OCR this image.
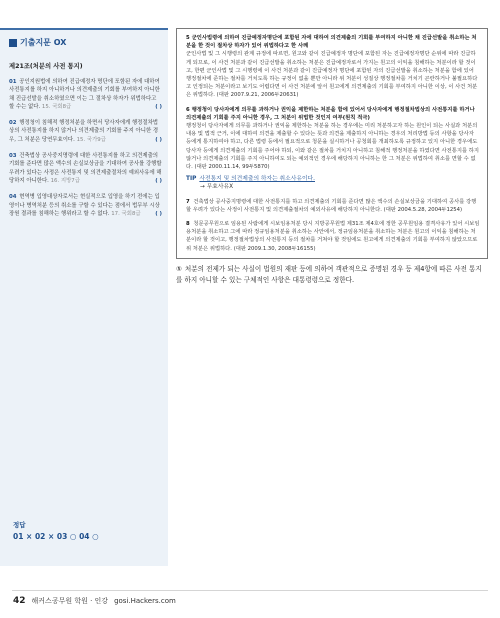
기출지문 OX
제21조(처분의 사전 통지)
01 공인지원법에 의하여 진급예정자 명단에 포함된 자에 대하여 사전통지를 하지 아니하거나 의견제출의 기회를 부여하지 아니한 채 진급선발을 취소하였으면 이는 그 절차상 하자가 위법하다고 할 수는 없다. 15. 국회8급	( )
02 행정청이 침해적 행정처분을 하면서 당사자에게 행정절차법상의 사전통지를 하지 않거나 의견제출의 기회를 주지 아니한 경우, 그 처분은 당연무효이다. 15. 국가9급	( )
03 건축법상 공사중지명령에 대한 사전통지를 하고 의견제출의 기회를 준다면 많은 액수의 손실보상금을 기대하여 공사를 강행할 우려가 있다는 사정은 사전통지 및 의견제출절차의 예외사유에 해당하지 아니한다. 16. 지방7급	( )
04 현역병 입영대상자로서는 현실적으로 입영을 하기 전에는 입영이나 병역처분 등의 취소를 구할 수 있다는 점에서 법무부 시상장원 결과를 침해하는 행위라고 할 수 없다. 17. 국회8급	( )
정답
01 × 02 × 03 ○ 04 ○
5 군인사법령에 의하여 진급예정자명단에 포함된 자에 대하여 의견제출의 기회를 부여하지 아니한 채 진급선발을 취소하는 처분을 한 것이 절차상 하자가 있어 위법하다고 한 사례
군인사법 및 그 시행령의 관계 규정에 따르면, 원고와 같이 진급예정자 명단에 포함된 자는 진급예정자명단 순위에 따라 진급하게 되므로, 이 사건 처분과 같이 진급선발을 취소하는 처분은 진급예정자로서 가지는 원고의 이익을 침해하는 처분이라 할 것이고, 한편 군인사법 및 그 시행령에 이 사건 처분과 같이 진급예정자 명단에 포함된 자의 진급선발을 취소하는 처분을 함에 있어 행정절차에 준하는 절차를 거치도록 하는 규정이 없을 뿐만 아니라 위 처분이 성질상 행정절차를 거치기 곤란하거나 불필요하다고 인정되는 처분이라고 보기도 어렵다면 이 사건 처분에 앞서 원고에게 의견제출의 기회를 부여하지 아니한 이상, 이 사건 처분은 위법하다. (대판 2007.9.21, 2006두20631)
6 행정청이 당사자에게 의무를 과하거나 권익을 제한하는 처분을 함에 있어서 당사자에게 행정절차법상의 사전통지를 하거나 의견제출의 기회를 주지 아니한 경우, 그 처분이 위법한 것인지 여부(원칙 적극)
행정청이 당사자에게 의무를 과하거나 권익을 제한하는 처분을 하는 경우에는 미리 처분하고자 하는 원인이 되는 사실과 처분의 내용 및 법적 근거, 이에 대하여 의견을 제출할 수 있다는 뜻과 의견을 제출하지 아니하는 경우의 처리방법 등의 사항을 당사자 등에게 통지하여야 하고, 다른 법령 등에서 필요적으로 청문을 실시하거나 공청회를 개최하도록 규정하고 있지 아니한 경우에도 당사자 등에게 의견제출의 기회를 주어야 하되, 이와 같은 절차를 거치지 아니하고 침해적 행정처분을 하였다면 사전통지를 하지 않거나 의견제출의 기회를 주지 아니하여도 되는 예외적인 경우에 해당하지 아니하는 한 그 처분은 위법하여 취소를 면할 수 없다. (대판 2000.11.14, 99두5870)
TIP 사전통지 및 의견제출의 하자는 취소사유이다.
→ 무효사유X
7 건축법상 공사중지명령에 대한 사전통지를 하고 의견제출의 기회를 준다면 많은 액수의 손실보상금을 기대하여 공사를 강행할 우려가 있다는 사정이 사전통지 및 의견제출절차의 예외사유에 해당하지 아니한다. (대판 2004.5.28, 2004두1254)
8 청문공무원으로 임용된 사람에게 시보임용처분 당시 지방공무원법 제31조 제4호에 정한 공무원임용 결격사유가 있어 시보임용처분을 취소하고 그에 따라 정규임용처분을 취소하는 사안에서, 정규임용처분을 취소하는 처분은 원고의 이익을 침해하는 처분이라 할 것이고, 행정절차법상의 사전통지 등의 절차를 거쳐야 할 것임에도 원고에게 의견제출의 기회를 부여하지 않았으므로 위 처분은 위법하다. (대판 2009.1.30, 2008두16155)

⑤ 처분의 전제가 되는 사실이 법원의 재판 등에 의하여 객관적으로 증명된 경우 등 제4항에 따른 사전 통지를 하지 아니할 수 있는 구체적인 사항은 대통령령으로 정한다.

42 해커스공무원 학원 · 인강 gosi.Hackers.com
